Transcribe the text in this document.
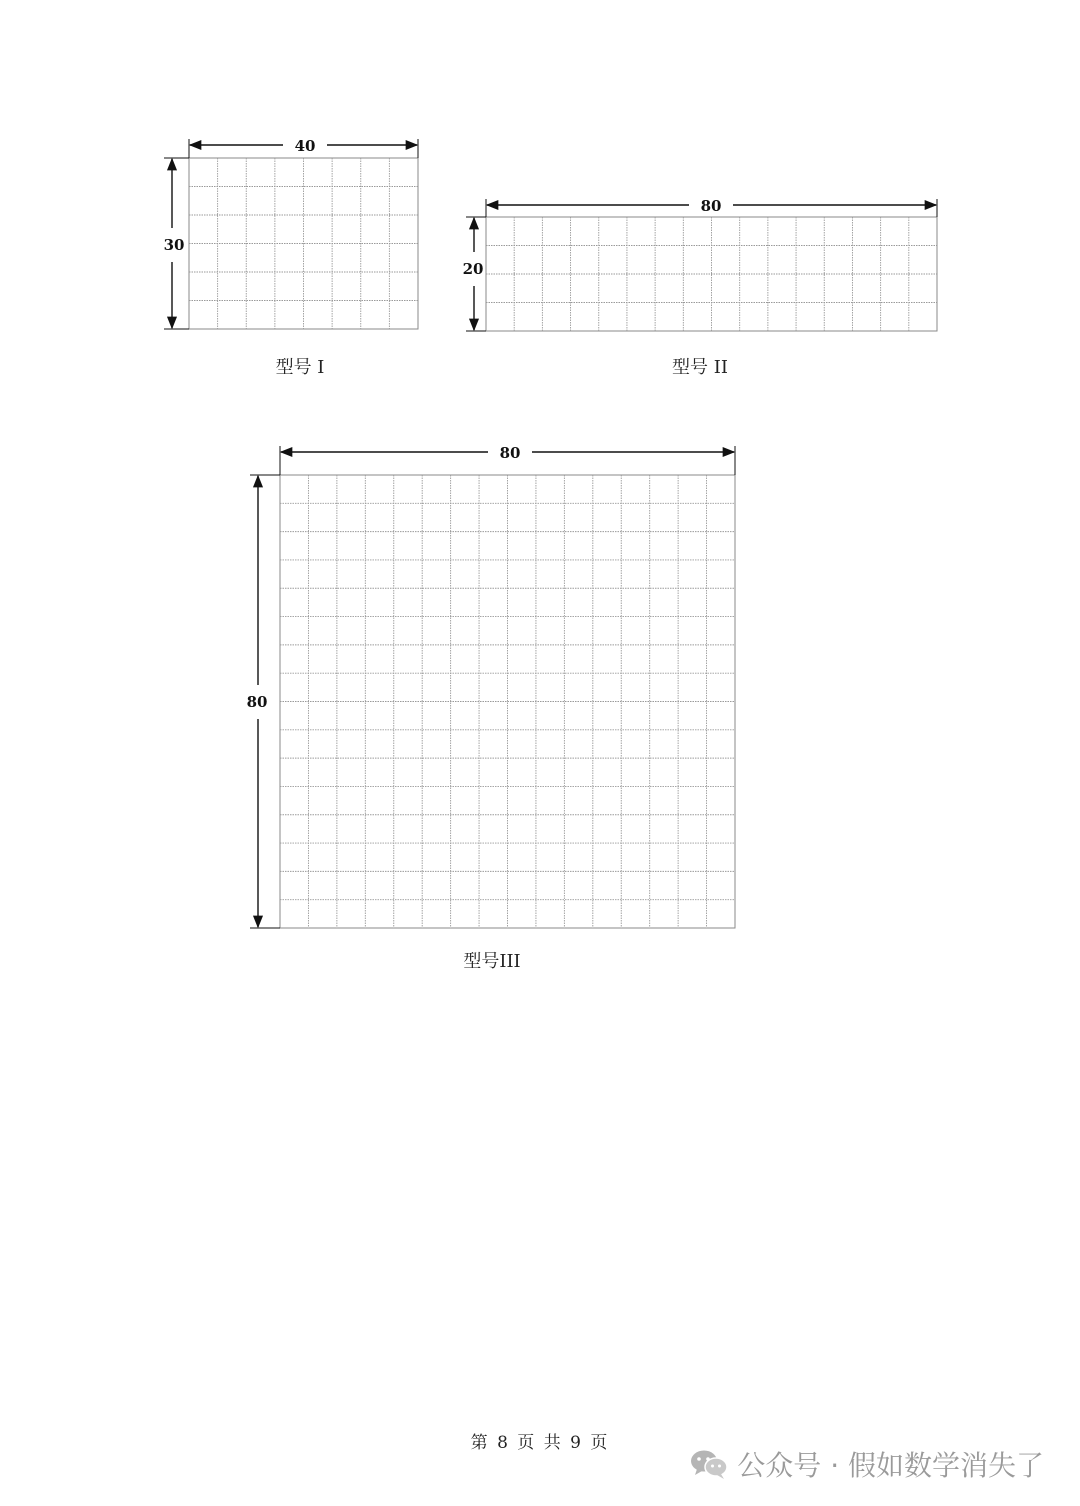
40
30
型号 I
80
20
型号 II
80
80
型号III
第 8 页 共 9 页
公众号 · 假如数学消失了
